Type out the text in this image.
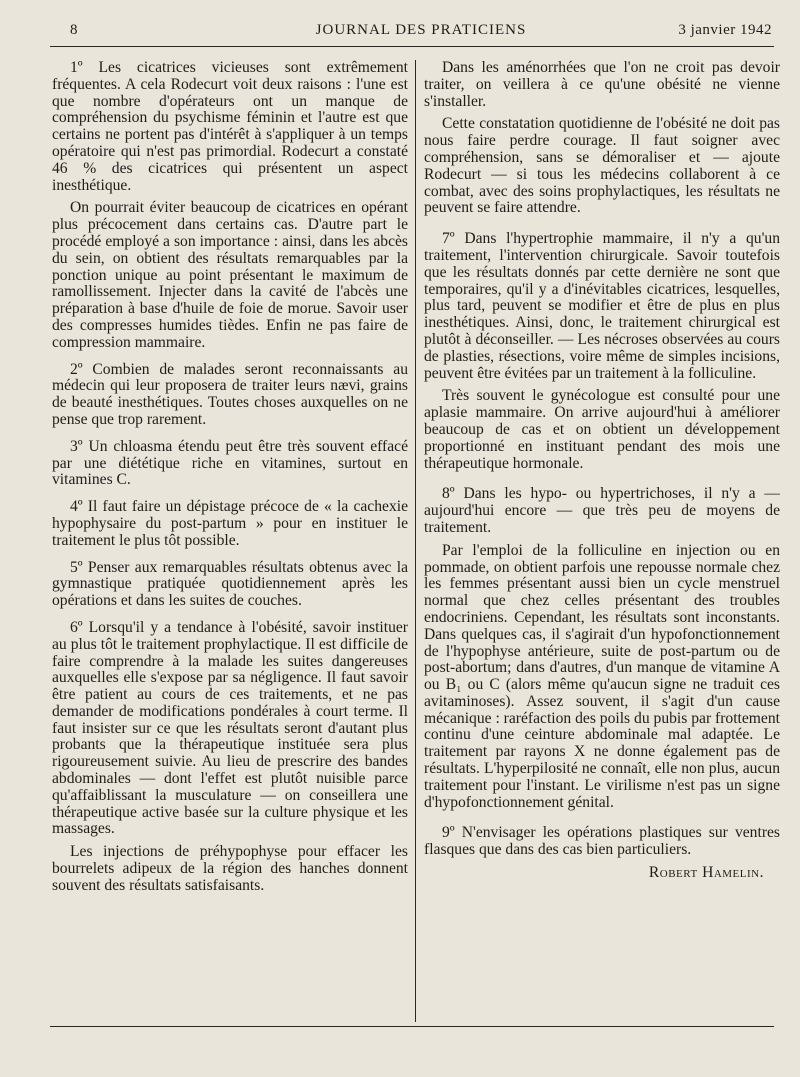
8	JOURNAL DES PRATICIENS	3 janvier 1942

1º Les cicatrices vicieuses sont extrêmement fréquentes. A cela Rodecurt voit deux raisons : l'une est que nombre d'opérateurs ont un manque de compréhension du psychisme féminin et l'autre est que certains ne portent pas d'intérêt à s'appliquer à un temps opératoire qui n'est pas primordial. Rodecurt a constaté 46 % des cicatrices qui présentent un aspect inesthétique.

On pourrait éviter beaucoup de cicatrices en opérant plus précocement dans certains cas. D'autre part le procédé employé a son importance : ainsi, dans les abcès du sein, on obtient des résultats remarquables par la ponction unique au point présentant le maximum de ramollissement. Injecter dans la cavité de l'abcès une préparation à base d'huile de foie de morue. Savoir user des compresses humides tièdes. Enfin ne pas faire de compression mammaire.

2º Combien de malades seront reconnaissants au médecin qui leur proposera de traiter leurs nævi, grains de beauté inesthétiques. Toutes choses auxquelles on ne pense que trop rarement.

3º Un chloasma étendu peut être très souvent effacé par une diététique riche en vitamines, surtout en vitamines C.

4º Il faut faire un dépistage précoce de « la cachexie hypophysaire du post-partum » pour en instituer le traitement le plus tôt possible.

5º Penser aux remarquables résultats obtenus avec la gymnastique pratiquée quotidiennement après les opérations et dans les suites de couches.

6º Lorsqu'il y a tendance à l'obésité, savoir instituer au plus tôt le traitement prophylactique. Il est difficile de faire comprendre à la malade les suites dangereuses auxquelles elle s'expose par sa négligence. Il faut savoir être patient au cours de ces traitements, et ne pas demander de modifications pondérales à court terme. Il faut insister sur ce que les résultats seront d'autant plus probants que la thérapeutique instituée sera plus rigoureusement suivie. Au lieu de prescrire des bandes abdominales — dont l'effet est plutôt nuisible parce qu'affaiblissant la musculature — on conseillera une thérapeutique active basée sur la culture physique et les massages.

Les injections de préhypophyse pour effacer les bourrelets adipeux de la région des hanches donnent souvent des résultats satisfaisants.

Dans les aménorrhées que l'on ne croit pas devoir traiter, on veillera à ce qu'une obésité ne vienne s'installer.

Cette constatation quotidienne de l'obésité ne doit pas nous faire perdre courage. Il faut soigner avec compréhension, sans se démoraliser et — ajoute Rodecurt — si tous les médecins collaborent à ce combat, avec des soins prophylactiques, les résultats ne peuvent se faire attendre.

7º Dans l'hypertrophie mammaire, il n'y a qu'un traitement, l'intervention chirurgicale. Savoir toutefois que les résultats donnés par cette dernière ne sont que temporaires, qu'il y a d'inévitables cicatrices, lesquelles, plus tard, peuvent se modifier et être de plus en plus inesthétiques. Ainsi, donc, le traitement chirurgical est plutôt à déconseiller. — Les nécroses observées au cours de plasties, résections, voire même de simples incisions, peuvent être évitées par un traitement à la folliculine.

Très souvent le gynécologue est consulté pour une aplasie mammaire. On arrive aujourd'hui à améliorer beaucoup de cas et on obtient un développement proportionné en instituant pendant des mois une thérapeutique hormonale.

8º Dans les hypo- ou hypertrichoses, il n'y a — aujourd'hui encore — que très peu de moyens de traitement.

Par l'emploi de la folliculine en injection ou en pommade, on obtient parfois une repousse normale chez les femmes présentant aussi bien un cycle menstruel normal que chez celles présentant des troubles endocriniens. Cependant, les résultats sont inconstants. Dans quelques cas, il s'agirait d'un hypofonctionnement de l'hypophyse antérieure, suite de post-partum ou de post-abortum; dans d'autres, d'un manque de vitamine A ou B₁ ou C (alors même qu'aucun signe ne traduit ces avitaminoses). Assez souvent, il s'agit d'un cause mécanique : raréfaction des poils du pubis par frottement continu d'une ceinture abdominale mal adaptée. Le traitement par rayons X ne donne également pas de résultats. L'hyperpilosité ne connaît, elle non plus, aucun traitement pour l'instant. Le virilisme n'est pas un signe d'hypofonctionnement génital.

9º N'envisager les opérations plastiques sur ventres flasques que dans des cas bien particuliers.

Robert Hamelin.
